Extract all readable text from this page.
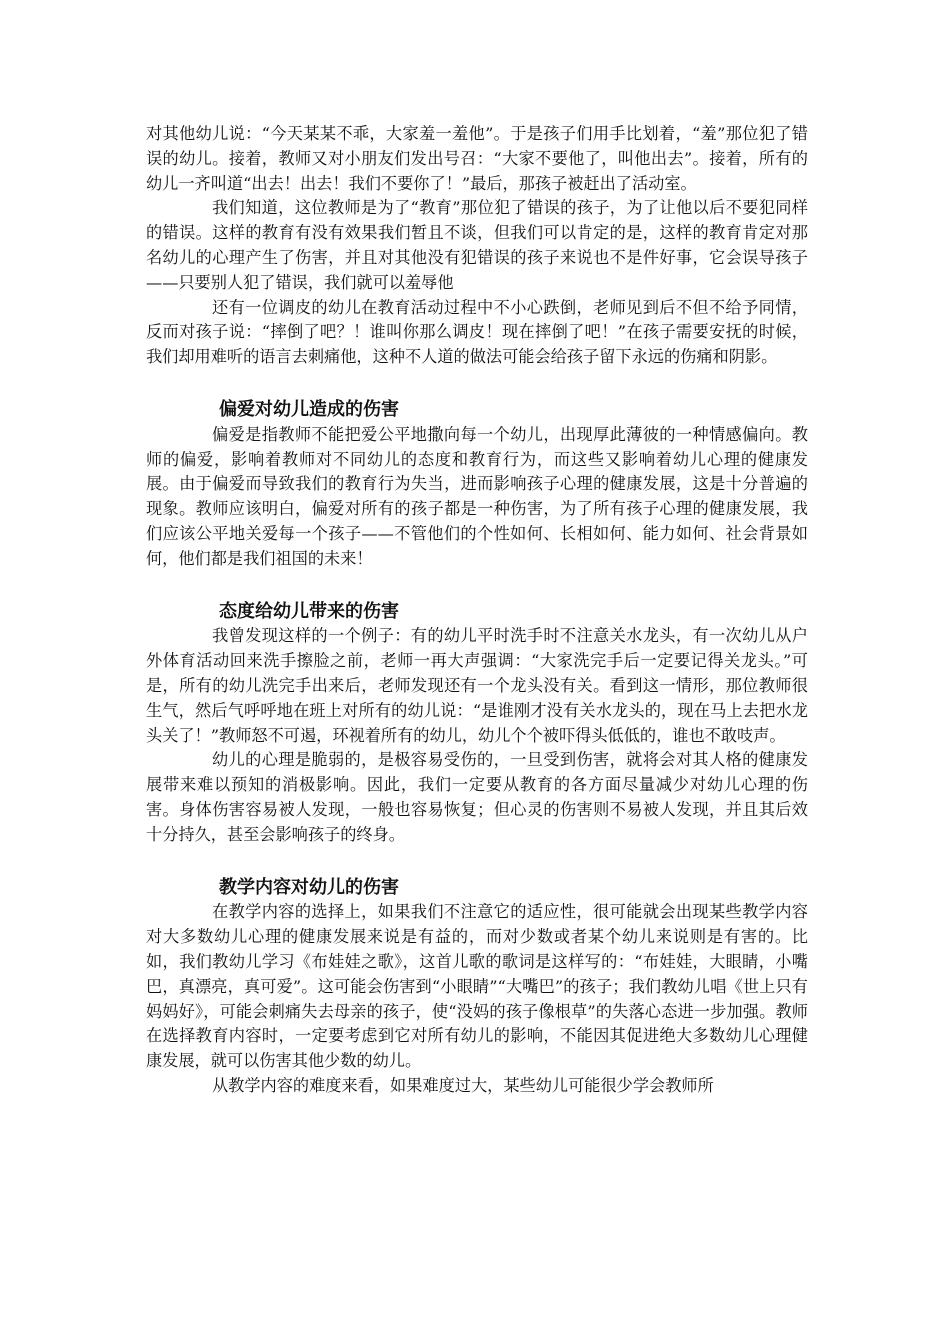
对其他幼儿说：“今天某某不乖，大家羞一羞他”。于是孩子们用手比划着，“羞”那位犯了错误的幼儿。接着，教师又对小朋友们发出号召：“大家不要他了，叫他出去”。接着，所有的幼儿一齐叫道“出去！出去！我们不要你了！”最后，那孩子被赶出了活动室。

我们知道，这位教师是为了“教育”那位犯了错误的孩子，为了让他以后不要犯同样的错误。这样的教育有没有效果我们暂且不谈，但我们可以肯定的是，这样的教育肯定对那名幼儿的心理产生了伤害，并且对其他没有犯错误的孩子来说也不是件好事，它会误导孩子——只要别人犯了错误，我们就可以羞辱他

还有一位调皮的幼儿在教育活动过程中不小心跌倒，老师见到后不但不给予同情，反而对孩子说：“摔倒了吧？！谁叫你那么调皮！现在摔倒了吧！”在孩子需要安抚的时候，我们却用难听的语言去刺痛他，这种不人道的做法可能会给孩子留下永远的伤痛和阴影。

偏爱对幼儿造成的伤害

偏爱是指教师不能把爱公平地撒向每一个幼儿，出现厚此薄彼的一种情感偏向。教师的偏爱，影响着教师对不同幼儿的态度和教育行为，而这些又影响着幼儿心理的健康发展。由于偏爱而导致我们的教育行为失当，进而影响孩子心理的健康发展，这是十分普遍的现象。教师应该明白，偏爱对所有的孩子都是一种伤害，为了所有孩子心理的健康发展，我们应该公平地关爱每一个孩子——不管他们的个性如何、长相如何、能力如何、社会背景如何，他们都是我们祖国的未来！

态度给幼儿带来的伤害

我曾发现这样的一个例子：有的幼儿平时洗手时不注意关水龙头，有一次幼儿从户外体育活动回来洗手擦脸之前，老师一再大声强调：“大家洗完手后一定要记得关龙头。”可是，所有的幼儿洗完手出来后，老师发现还有一个龙头没有关。看到这一情形，那位教师很生气，然后气呼呼地在班上对所有的幼儿说：“是谁刚才没有关水龙头的，现在马上去把水龙头关了！”教师怒不可遏，环视着所有的幼儿，幼儿个个被吓得头低低的，谁也不敢吱声。

幼儿的心理是脆弱的，是极容易受伤的，一旦受到伤害，就将会对其人格的健康发展带来难以预知的消极影响。因此，我们一定要从教育的各方面尽量减少对幼儿心理的伤害。身体伤害容易被人发现，一般也容易恢复；但心灵的伤害则不易被人发现，并且其后效十分持久，甚至会影响孩子的终身。

教学内容对幼儿的伤害

在教学内容的选择上，如果我们不注意它的适应性，很可能就会出现某些教学内容对大多数幼儿心理的健康发展来说是有益的，而对少数或者某个幼儿来说则是有害的。比如，我们教幼儿学习《布娃娃之歌》，这首儿歌的歌词是这样写的：“布娃娃，大眼睛，小嘴巴，真漂亮，真可爱”。这可能会伤害到“小眼睛”“大嘴巴”的孩子；我们教幼儿唱《世上只有妈妈好》，可能会刺痛失去母亲的孩子，使“没妈的孩子像根草”的失落心态进一步加强。教师在选择教育内容时，一定要考虑到它对所有幼儿的影响，不能因其促进绝大多数幼儿心理健康发展，就可以伤害其他少数的幼儿。

从教学内容的难度来看，如果难度过大，某些幼儿可能很少学会教师所
